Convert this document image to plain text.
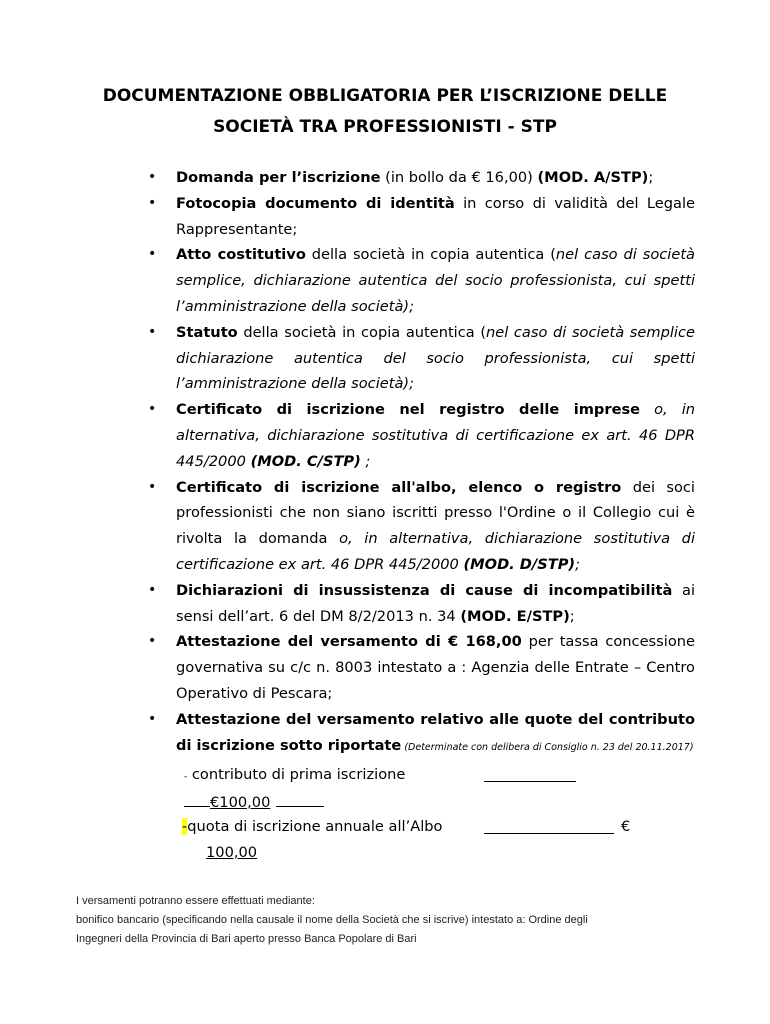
DOCUMENTAZIONE OBBLIGATORIA PER L’ISCRIZIONE DELLE
SOCIETÀ TRA PROFESSIONISTI - STP
• Domanda per l’iscrizione (in bollo da € 16,00) (MOD. A/STP);
• Fotocopia documento di identità in corso di validità del Legale Rappresentante;
• Atto costitutivo della società in copia autentica (nel caso di società semplice, dichiarazione autentica del socio professionista, cui spetti l’amministrazione della società);
• Statuto della società in copia autentica (nel caso di società semplice dichiarazione autentica del socio professionista, cui spetti l’amministrazione della società);
• Certificato di iscrizione nel registro delle imprese o, in alternativa, dichiarazione sostitutiva di certificazione ex art. 46 DPR 445/2000 (MOD. C/STP) ;
• Certificato di iscrizione all'albo, elenco o registro dei soci professionisti che non siano iscritti presso l'Ordine o il Collegio cui è rivolta la domanda o, in alternativa, dichiarazione sostitutiva di certificazione ex art. 46 DPR 445/2000 (MOD. D/STP);
• Dichiarazioni di insussistenza di cause di incompatibilità ai sensi dell’art. 6 del DM 8/2/2013 n. 34 (MOD. E/STP);
• Attestazione del versamento di € 168,00 per tassa concessione governativa su c/c n. 8003 intestato a : Agenzia delle Entrate – Centro Operativo di Pescara;
• Attestazione del versamento relativo alle quote del contributo di iscrizione sotto riportate (Determinate con delibera di Consiglio n. 23 del 20.11.2017)
- contributo di prima iscrizione
€100,00
-quota di iscrizione annuale all’Albo	€
100,00
I versamenti potranno essere effettuati mediante:
bonifico bancario (specificando nella causale il nome della Società che si iscrive) intestato a: Ordine degli
Ingegneri della Provincia di Bari aperto presso Banca Popolare di Bari
